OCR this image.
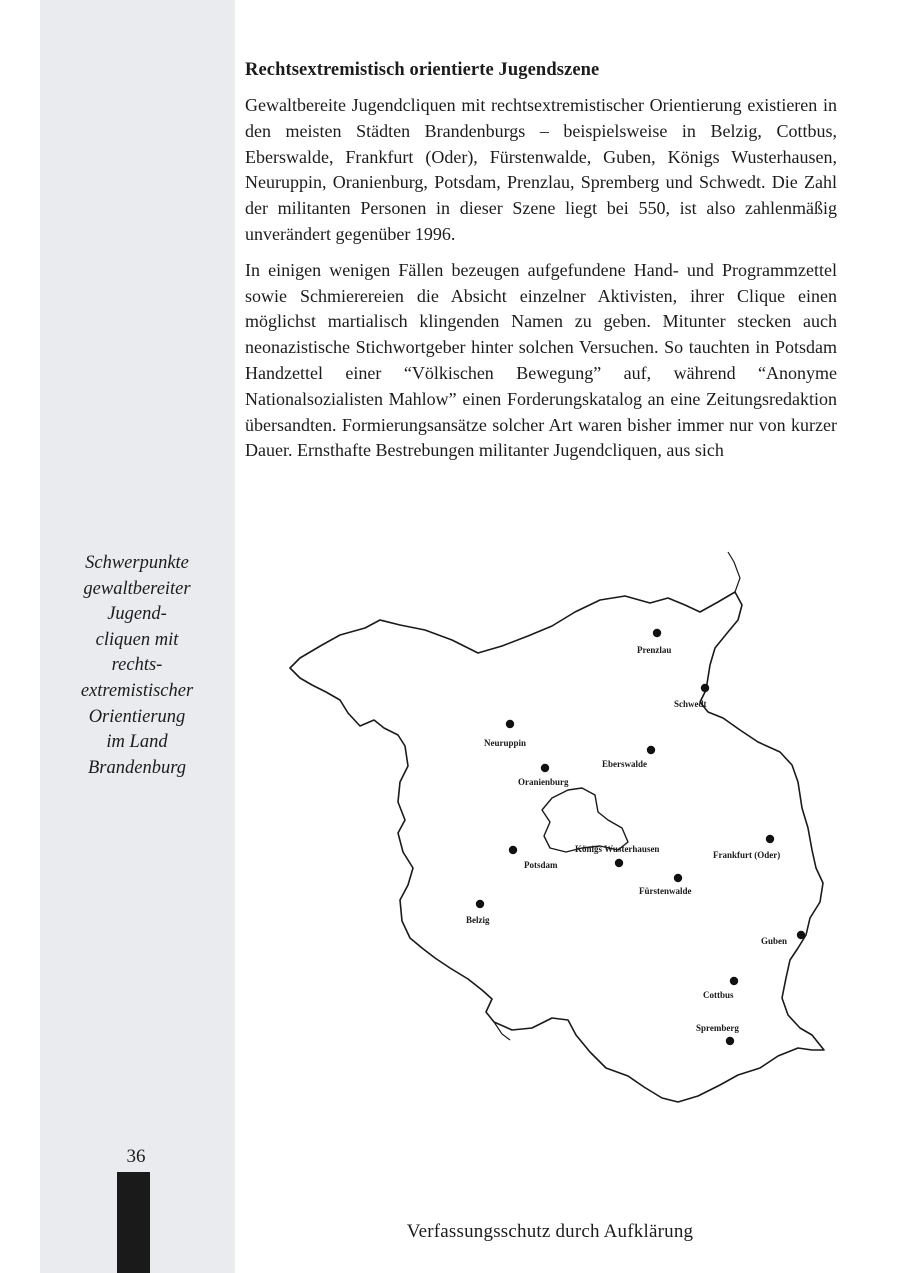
Rechtsextremistisch orientierte Jugendszene

Gewaltbereite Jugendcliquen mit rechtsextremistischer Orientierung existieren in den meisten Städten Brandenburgs – beispielsweise in Belzig, Cottbus, Eberswalde, Frankfurt (Oder), Fürstenwalde, Guben, Königs Wusterhausen, Neuruppin, Oranienburg, Potsdam, Prenzlau, Spremberg und Schwedt. Die Zahl der militanten Personen in dieser Szene liegt bei 550, ist also zahlenmäßig unverändert gegenüber 1996.

In einigen wenigen Fällen bezeugen aufgefundene Hand- und Programmzettel sowie Schmierereien die Absicht einzelner Aktivisten, ihrer Clique einen möglichst martialisch klingenden Namen zu geben. Mitunter stecken auch neonazistische Stichwortgeber hinter solchen Versuchen. So tauchten in Potsdam Handzettel einer “Völkischen Bewegung” auf, während “Anonyme Nationalsozialisten Mahlow” einen Forderungskatalog an eine Zeitungsredaktion übersandten. Formierungsansätze solcher Art waren bisher immer nur von kurzer Dauer. Ernsthafte Bestrebungen militanter Jugendcliquen, aus sich

Schwerpunkte
gewaltbereiter
Jugend-
cliquen mit
rechts-
extremistischer
Orientierung
im Land
Brandenburg
Prenzlau
Schwedt
Neuruppin
Eberswalde
Oranienburg
Königs Wusterhausen
Potsdam
Frankfurt (Oder)
Fürstenwalde
Belzig
Guben
Cottbus
Spremberg
36
Verfassungsschutz durch Aufklärung
